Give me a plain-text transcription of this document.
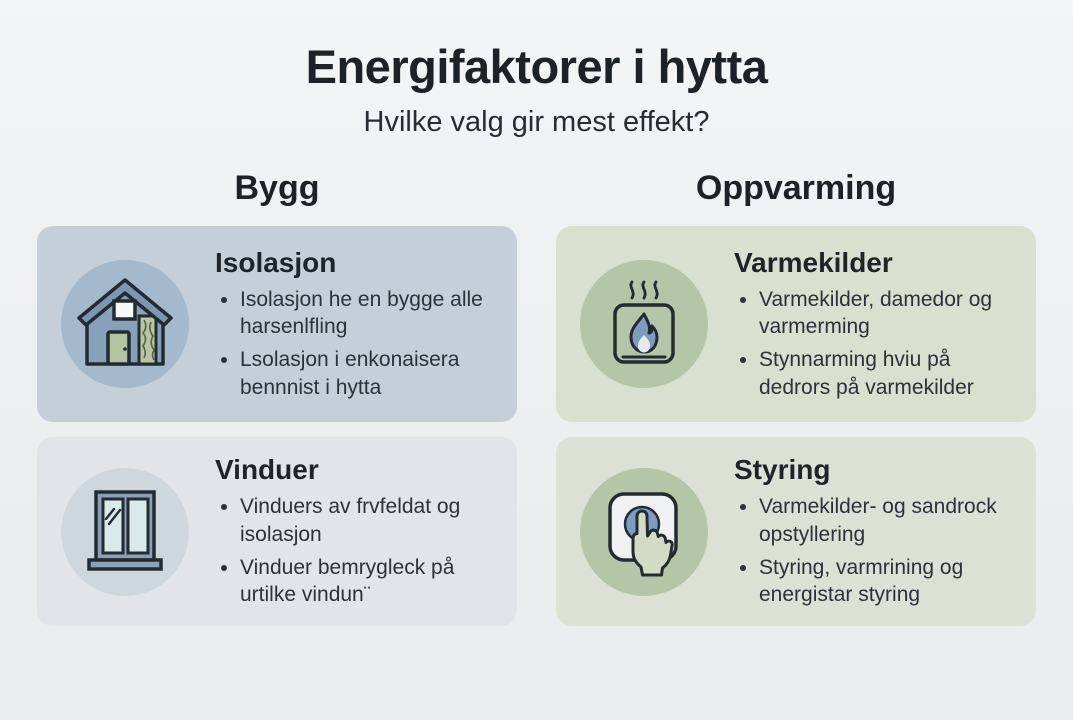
Energifaktorer i hytta

Hvilke valg gir mest effekt?

Bygg
Isolasjon
• Isolasjon he en bygge alle harsenlfling
• Lsolasjon i enkonaisera bennnist i hytta
Vinduer
• Vinduers av frvfeldat og isolasjon
• Vinduer bemrygleck på urtilke vindun¨
Oppvarming
Varmekilder
• Varmekilder, damedor og varmerming
• Stynnarming hviu på dedrors på varmekilder
Styring
• Varmekilder- og sandrock opstyllering
• Styring, varmrining og energistar styring
